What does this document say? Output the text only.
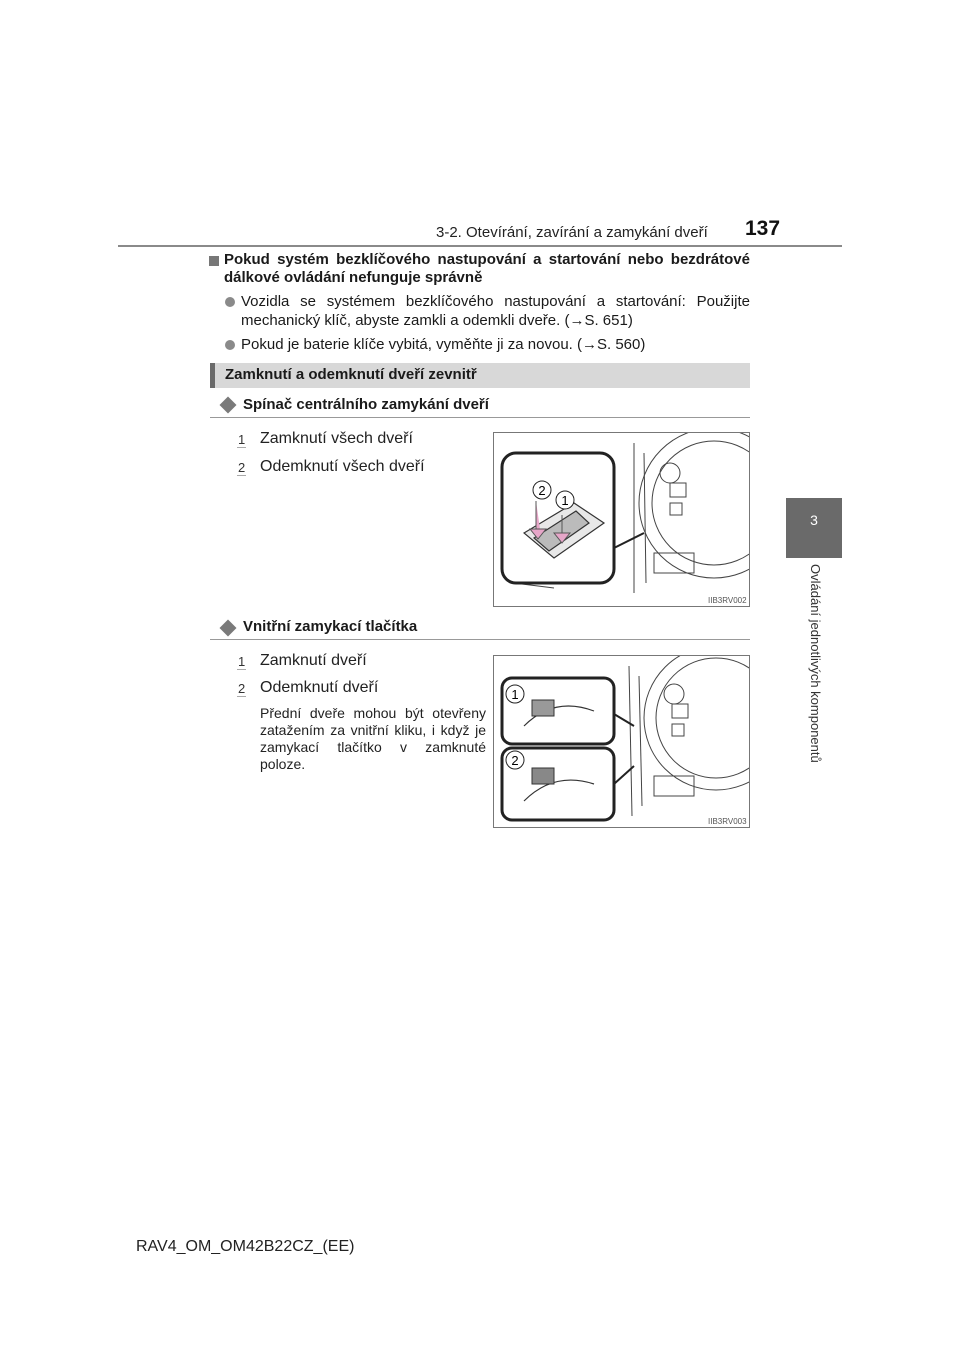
3-2. Otevírání, zavírání a zamykání dveří 137
3
Ovládání jednotlivých komponentů
Pokud systém bezklíčového nastupování a startování nebo bezdrátové dálkové ovládání nefunguje správně
Vozidla se systémem bezklíčového nastupování a startování: Použijte mechanický klíč, abyste zamkli a odemkli dveře. (→S. 651)
Pokud je baterie klíče vybitá, vyměňte ji za novou. (→S. 560)
Zamknutí a odemknutí dveří zevnitř
Spínač centrálního zamykání dveří
1 Zamknutí všech dveří
2 Odemknutí všech dveří
2
1
IIB3RV002
Vnitřní zamykací tlačítka
1 Zamknutí dveří
2 Odemknutí dveří
Přední dveře mohou být otevřeny zatažením za vnitřní kliku, i když je zamykací tlačítko v zamknuté poloze.
1
2
IIB3RV003
RAV4_OM_OM42B22CZ_(EE)
